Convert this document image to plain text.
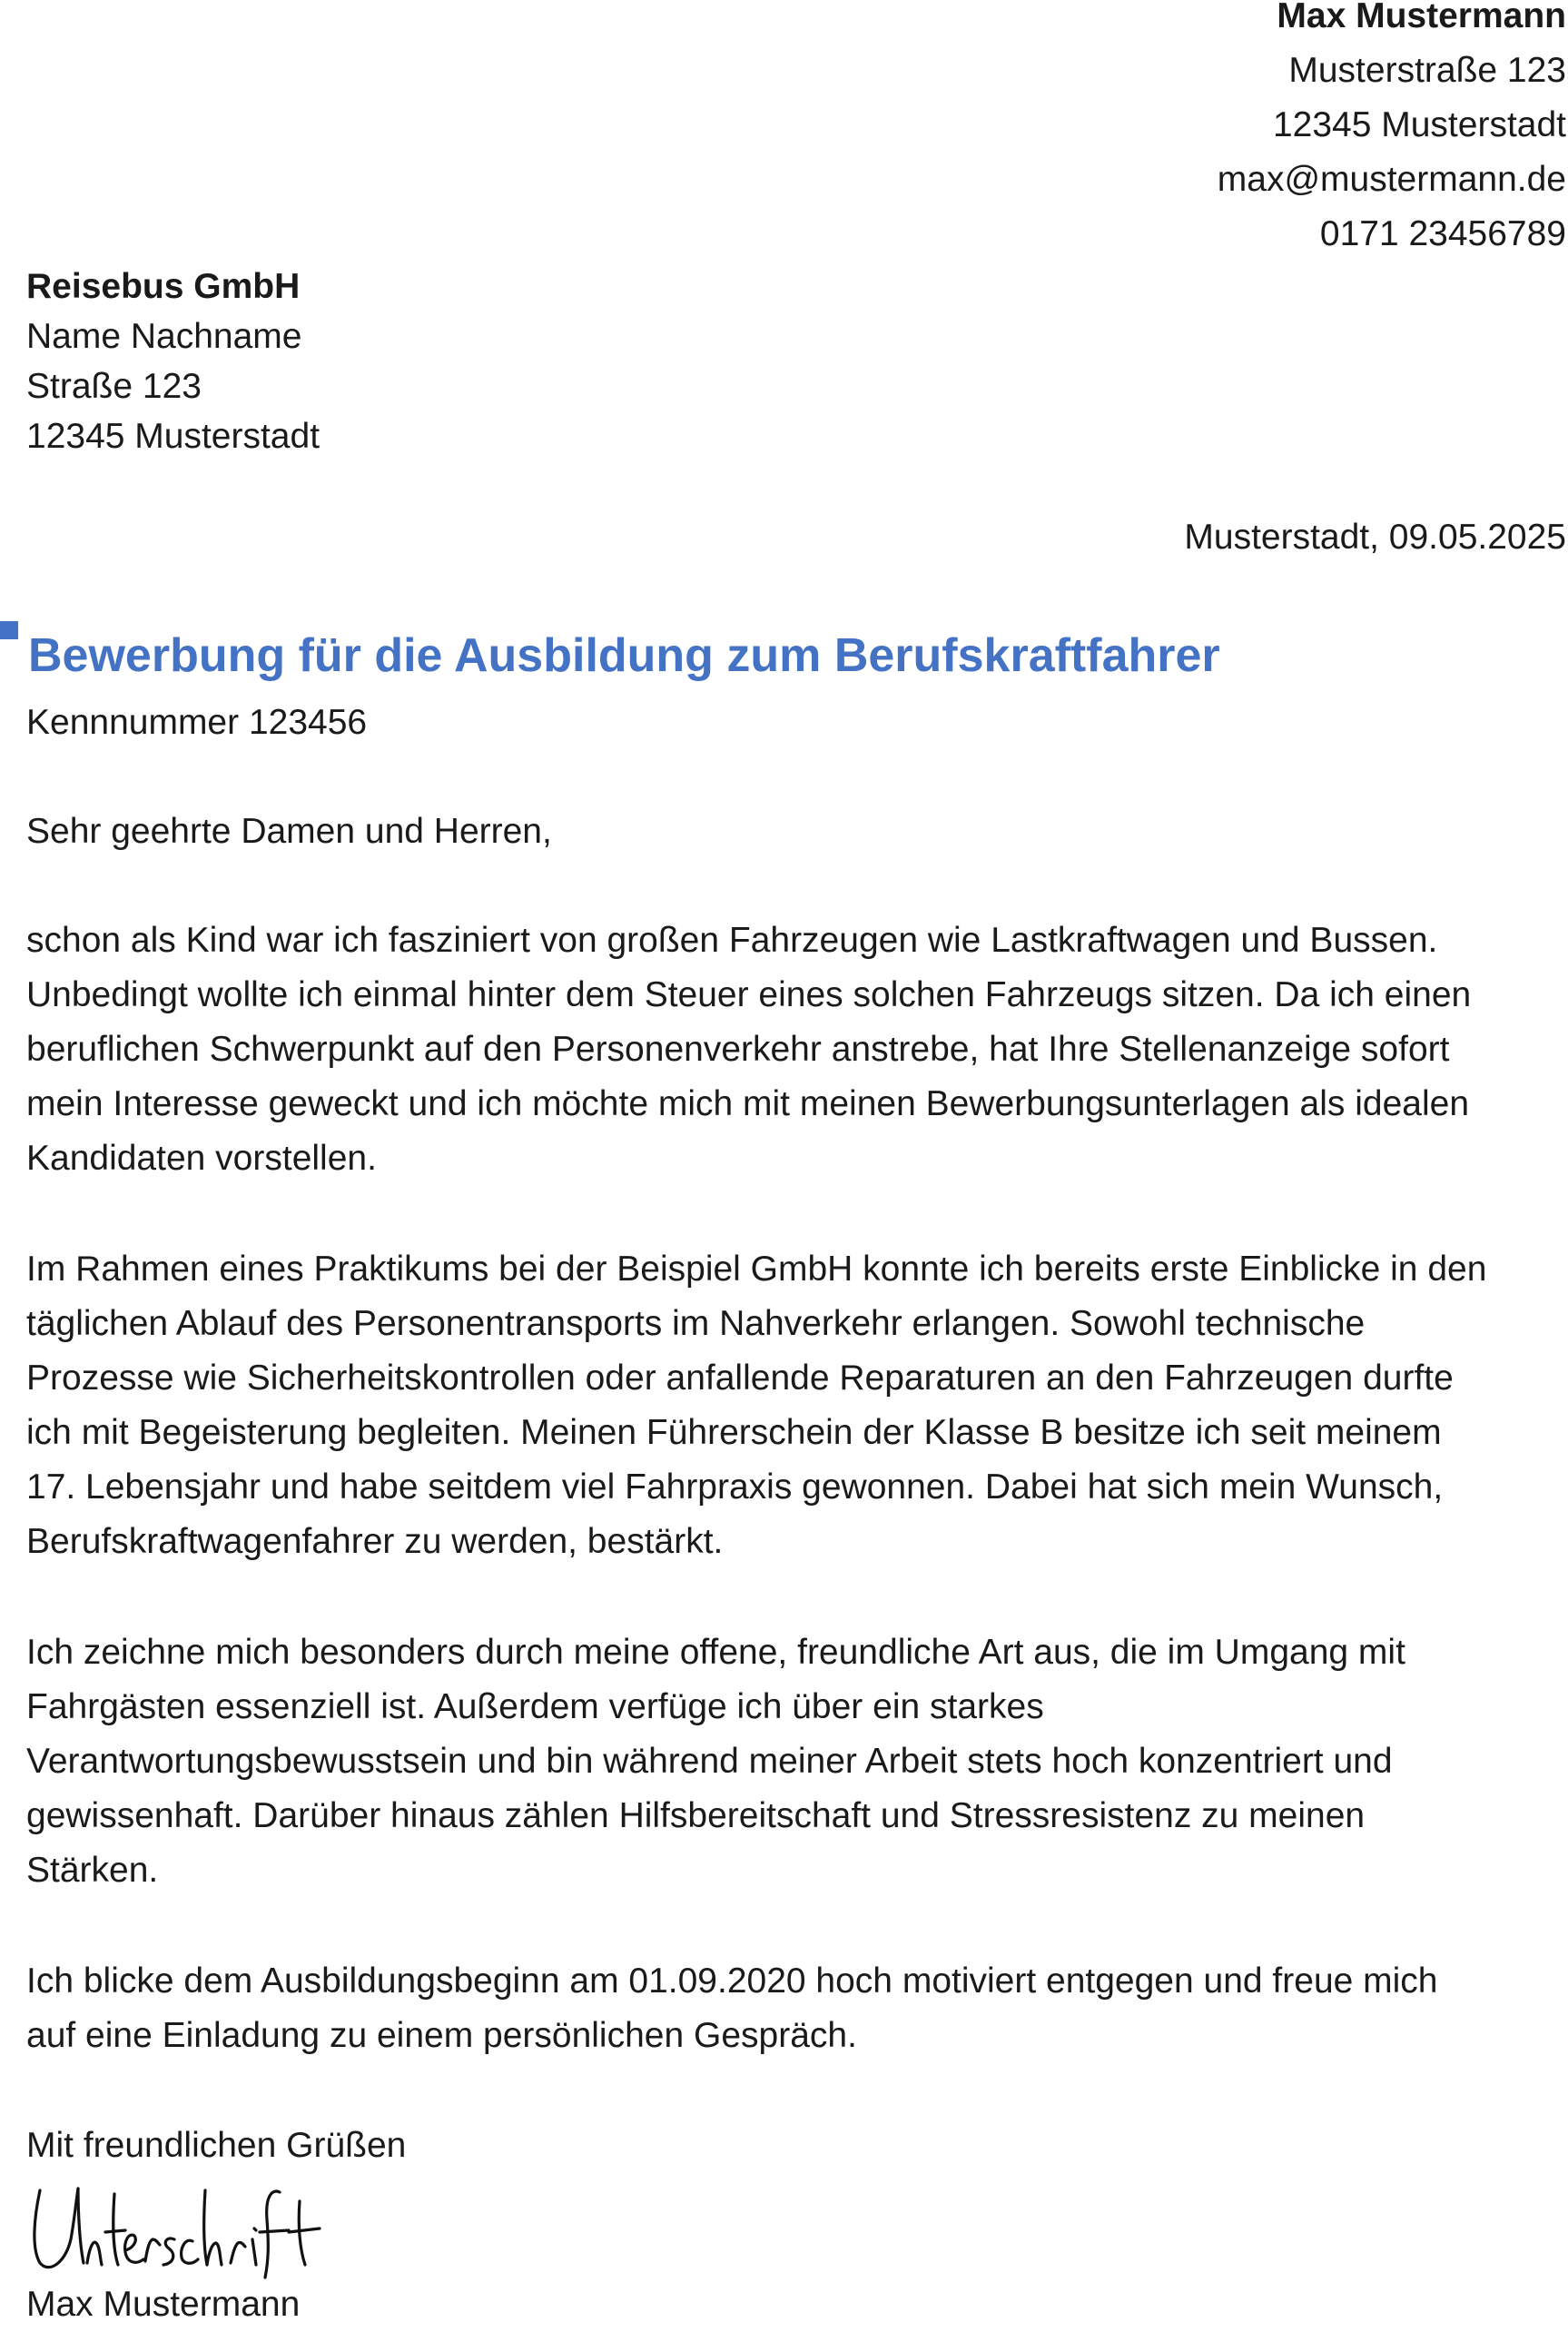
Max Mustermann
Musterstraße 123
12345 Musterstadt
max@mustermann.de
0171 23456789
Reisebus GmbH
Name Nachname
Straße 123
12345 Musterstadt
Musterstadt, 09.05.2025
Bewerbung für die Ausbildung zum Berufskraftfahrer
Kennnummer 123456
Sehr geehrte Damen und Herren,
schon als Kind war ich fasziniert von großen Fahrzeugen wie Lastkraftwagen und Bussen.
Unbedingt wollte ich einmal hinter dem Steuer eines solchen Fahrzeugs sitzen. Da ich einen
beruflichen Schwerpunkt auf den Personenverkehr anstrebe, hat Ihre Stellenanzeige sofort
mein Interesse geweckt und ich möchte mich mit meinen Bewerbungsunterlagen als idealen
Kandidaten vorstellen.
Im Rahmen eines Praktikums bei der Beispiel GmbH konnte ich bereits erste Einblicke in den
täglichen Ablauf des Personentransports im Nahverkehr erlangen. Sowohl technische
Prozesse wie Sicherheitskontrollen oder anfallende Reparaturen an den Fahrzeugen durfte
ich mit Begeisterung begleiten. Meinen Führerschein der Klasse B besitze ich seit meinem
17. Lebensjahr und habe seitdem viel Fahrpraxis gewonnen. Dabei hat sich mein Wunsch,
Berufskraftwagenfahrer zu werden, bestärkt.
Ich zeichne mich besonders durch meine offene, freundliche Art aus, die im Umgang mit
Fahrgästen essenziell ist. Außerdem verfüge ich über ein starkes
Verantwortungsbewusstsein und bin während meiner Arbeit stets hoch konzentriert und
gewissenhaft. Darüber hinaus zählen Hilfsbereitschaft und Stressresistenz zu meinen
Stärken.
Ich blicke dem Ausbildungsbeginn am 01.09.2020 hoch motiviert entgegen und freue mich
auf eine Einladung zu einem persönlichen Gespräch.
Mit freundlichen Grüßen
Max Mustermann
